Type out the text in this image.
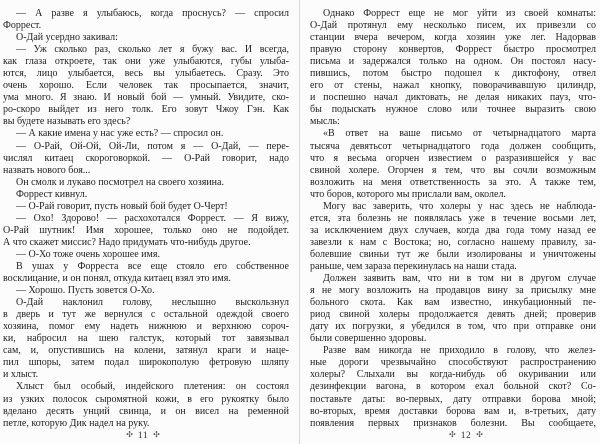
— А разве я улыбаюсь, когда проснусь? — спросил
Форрест.
О-Дай усердно закивал:
— Уж сколько раз, сколько лет я бужу вас. И всегда,
как глаза откроете, так они уже улыбаются, губы улыба-
ются, лицо улыбается, весь вы улыбаетесь. Сразу. Это
очень хорошо. Если человек так просыпается, значит,
ума много. Я знаю. И новый бой — умный. Увидите, ско-
ро-скоро выйдет из него толк. Его зовут Чжоу Гэн. Как
вы будете называть его здесь?
— А какие имена у нас уже есть? — спросил он.
— О-Рай, Ой-Ой, Ой-Ли, потом я — О-Дай, — пере-
числял китаец скороговоркой. — О-Рай говорит, надо
назвать нового боя...
Он смолк и лукаво посмотрел на своего хозяина.
Форрест кивнул.
— О-Рай говорит, пусть новый бой будет О-Черт!
— Охо! Здорово! — расхохотался Форрест. — Я вижу,
О-Рай шутник! Имя хорошее, только оно не подойдет.
А что скажет миссис? Надо придумать что-нибудь другое.
— О-Хо тоже очень хорошее имя.
В ушах у Форреста все еще стояло его собственное
восклицание, и он понял, откуда китаец взял это имя.
— Хорошо. Пусть зовется О-Хо.
О-Дай наклонил голову, неслышно выскользнул
в дверь и тут же вернулся с остальной одеждой своего
хозяина, помог ему надеть нижнюю и верхнюю сороч-
ки, набросил на шею галстук, который тот завязывал
сам, и, опустившись на колени, затянул краги и наце-
пил шпоры, затем подал широкополую фетровую шляпу
и хлыст.
Хлыст был особый, индейского плетения: он состоял
из узких полосок сыромятной кожи, в его рукоятку было
вделано десять унций свинца, и он висел на ременной
петле, которую Дик надел на руку.
✣ 11 ✣
Однако Форрест еще не мог уйти из своей комнаты:
О-Дай протянул ему несколько писем, их привезли со
станции вчера вечером, когда хозяин уже лег. Надорвав
правую сторону конвертов, Форрест быстро просмотрел
письма и задержался только на одном. Он постоял насу-
пившись, потом быстро подошел к диктофону, отвел
его от стены, нажал кнопку, поворачивавшую цилиндр,
и поспешно начал диктовать, не делая никаких пауз, что-
бы подыскать нужное слово или точнее выразить свою
мысль:
«В ответ на ваше письмо от четырнадцатого марта
тысяча девятьсот четырнадцатого года должен сообщить,
что я весьма огорчен известием о разразившейся у вас
свиной холере. Огорчен я тем, что вы сочли возможным
возложить на меня ответственность за это. А также тем,
что боров, которого мы прислали вам, околел.
Могу вас заверить, что холеры у нас здесь не наблюда-
ется, эта болезнь не появлялась уже в течение восьми лет,
за исключением двух случаев, когда два года тому назад ее
завезли к нам с Востока; но, согласно нашему правилу, за-
болевшие свиньи тут же были изолированы и уничтожены
раньше, чем зараза перекинулась на наши стада.
Должен заявить вам, что ни в том ни в другом случае
я не могу возложить на продавцов вину за присылку мне
больного скота. Как вам известно, инкубационный пе-
риод свиной холеры продолжается девять дней; проверив
дату их погрузки, я убедился в том, что при отправке они
были совершенно здоровы.
Разве вам никогда не приходило в голову, что желез-
ные дороги чрезвычайно способствуют распространению
холеры? Слыхали вы когда-нибудь об окуривании или
дезинфекции вагона, в котором ехал больной скот? Со-
поставьте даты: во-первых, дату отправки борова мной;
во-вторых, время доставки борова вам и, в-третьих, дату
появления первых признаков болезни. Вы сообщаете,
✣ 12 ✣
